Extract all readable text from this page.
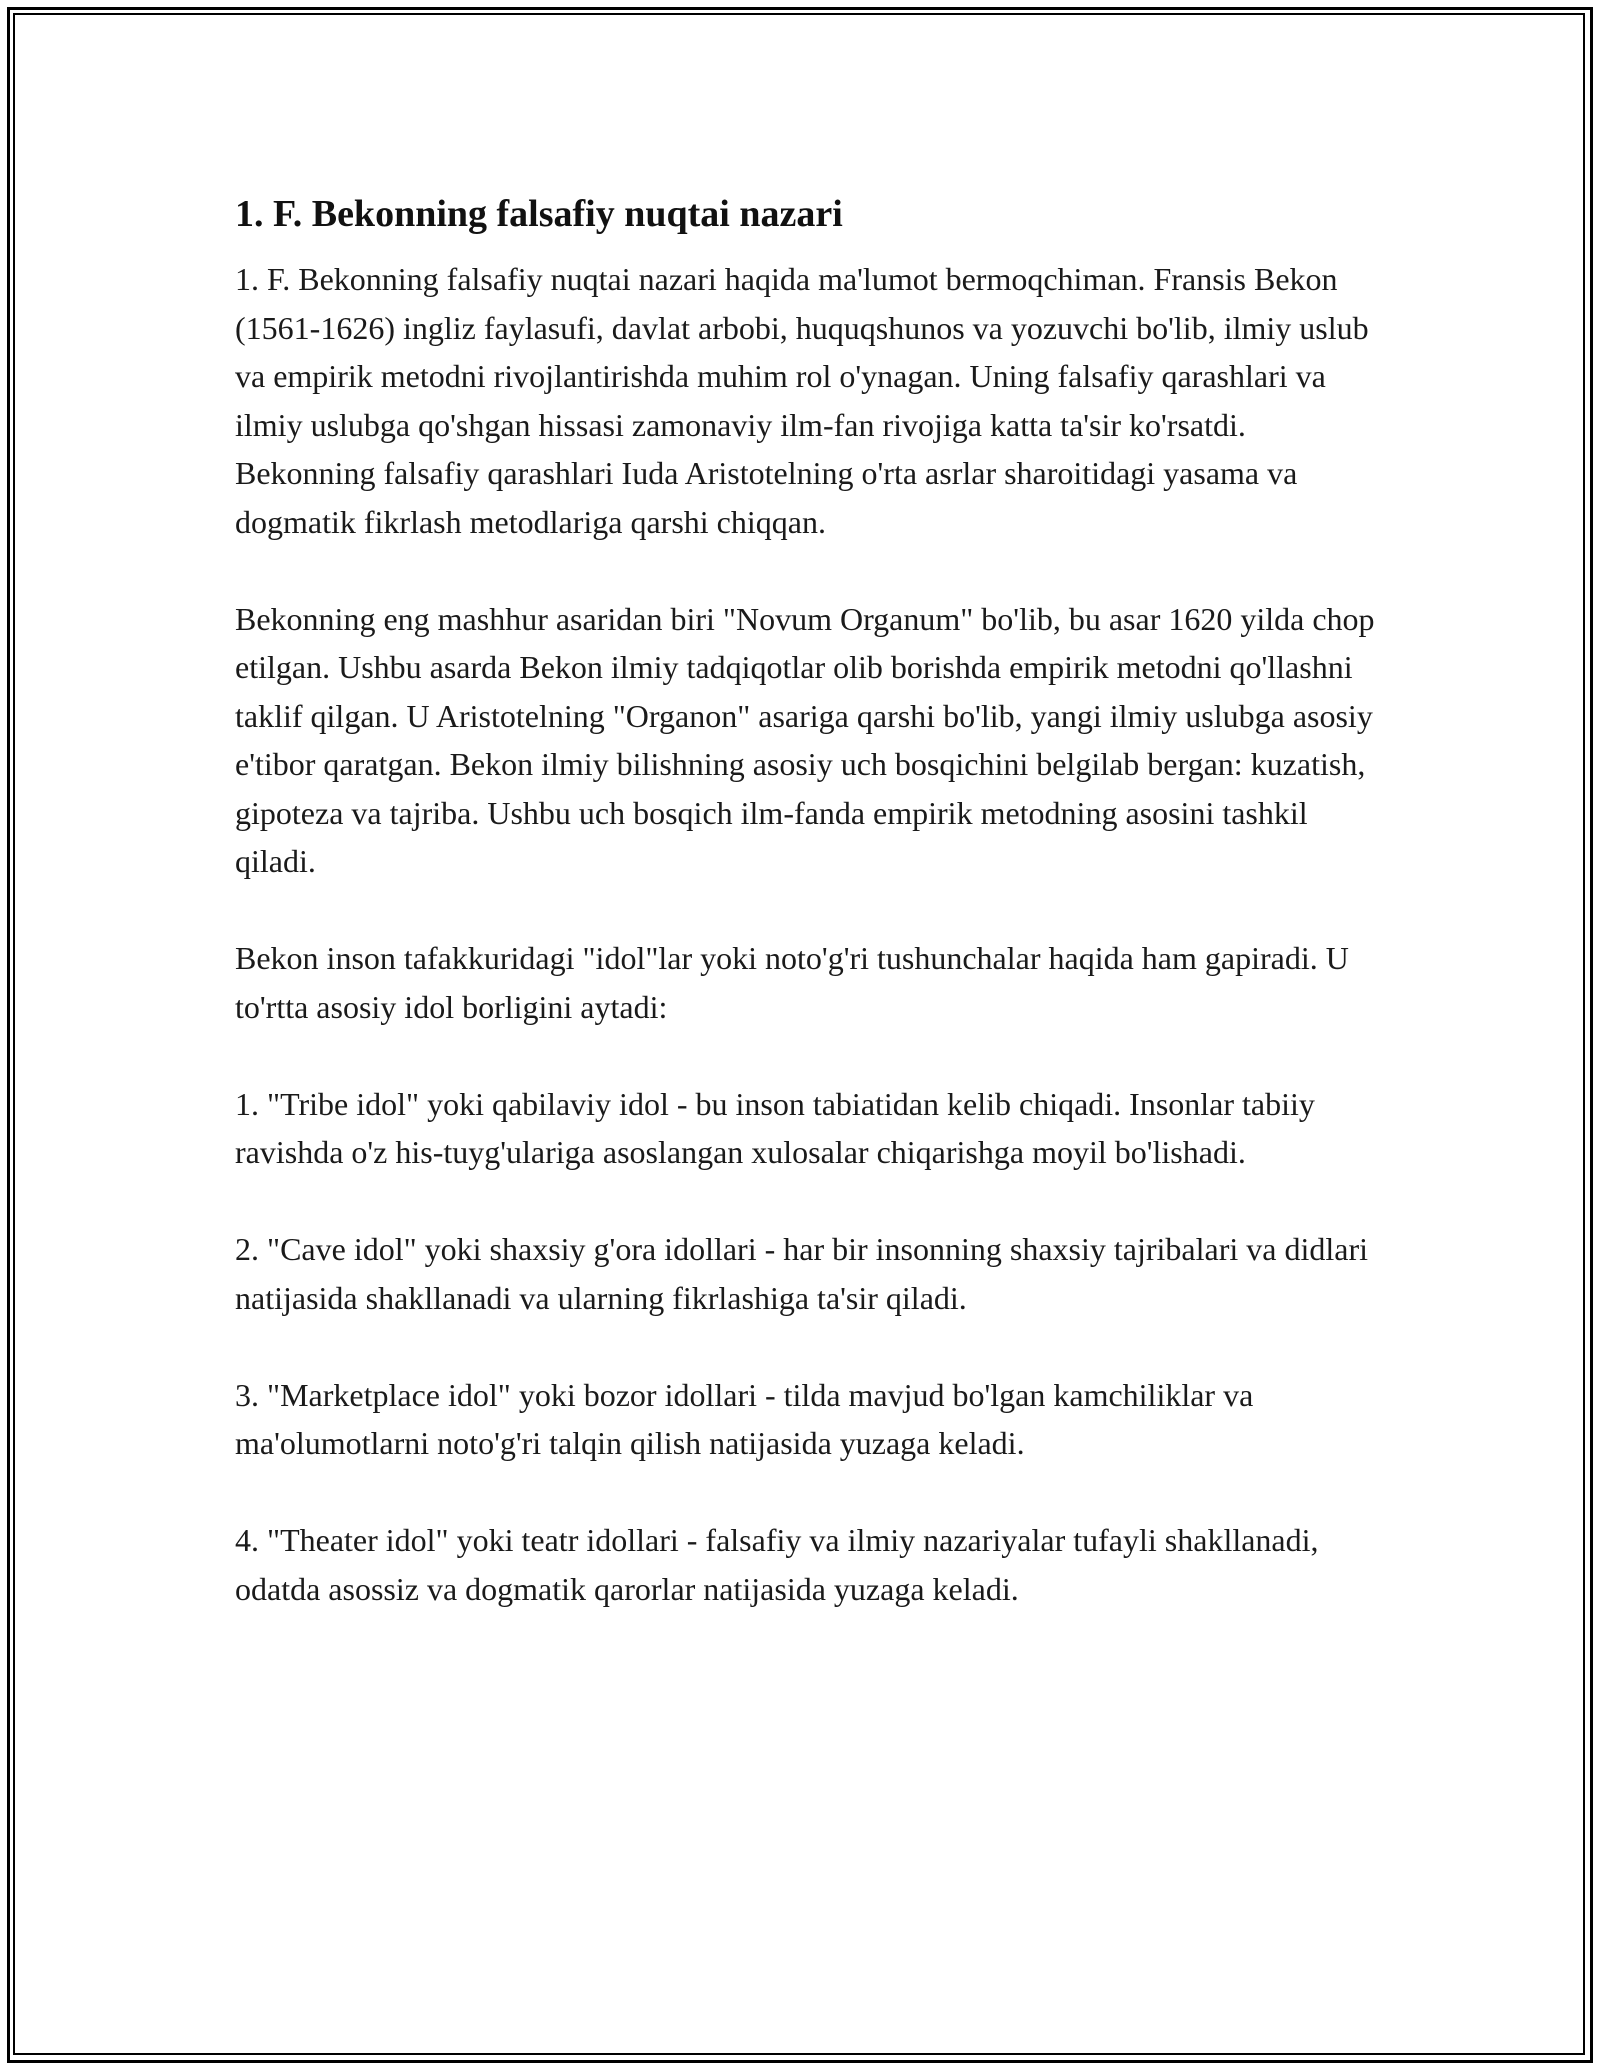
1. F. Bekonning falsafiy nuqtai nazari

1. F. Bekonning falsafiy nuqtai nazari haqida ma'lumot bermoqchiman. Fransis Bekon (1561-1626) ingliz faylasufi, davlat arbobi, huquqshunos va yozuvchi bo'lib, ilmiy uslub va empirik metodni rivojlantirishda muhim rol o'ynagan. Uning falsafiy qarashlari va ilmiy uslubga qo'shgan hissasi zamonaviy ilm-fan rivojiga katta ta'sir ko'rsatdi. Bekonning falsafiy qarashlari Iuda Aristotelning o'rta asrlar sharoitidagi yasama va dogmatik fikrlash metodlariga qarshi chiqqan.

Bekonning eng mashhur asaridan biri "Novum Organum" bo'lib, bu asar 1620 yilda chop etilgan. Ushbu asarda Bekon ilmiy tadqiqotlar olib borishda empirik metodni qo'llashni taklif qilgan. U Aristotelning "Organon" asariga qarshi bo'lib, yangi ilmiy uslubga asosiy e'tibor qaratgan. Bekon ilmiy bilishning asosiy uch bosqichini belgilab bergan: kuzatish, gipoteza va tajriba. Ushbu uch bosqich ilm-fanda empirik metodning asosini tashkil qiladi.

Bekon inson tafakkuridagi "idol"lar yoki noto'g'ri tushunchalar haqida ham gapiradi. U to'rtta asosiy idol borligini aytadi:

1. "Tribe idol" yoki qabilaviy idol - bu inson tabiatidan kelib chiqadi. Insonlar tabiiy ravishda o'z his-tuyg'ulariga asoslangan xulosalar chiqarishga moyil bo'lishadi.

2. "Cave idol" yoki shaxsiy g'ora idollari - har bir insonning shaxsiy tajribalari va didlari natijasida shakllanadi va ularning fikrlashiga ta'sir qiladi.

3. "Marketplace idol" yoki bozor idollari - tilda mavjud bo'lgan kamchiliklar va ma'olumotlarni noto'g'ri talqin qilish natijasida yuzaga keladi.

4. "Theater idol" yoki teatr idollari - falsafiy va ilmiy nazariyalar tufayli shakllanadi, odatda asossiz va dogmatik qarorlar natijasida yuzaga keladi.
